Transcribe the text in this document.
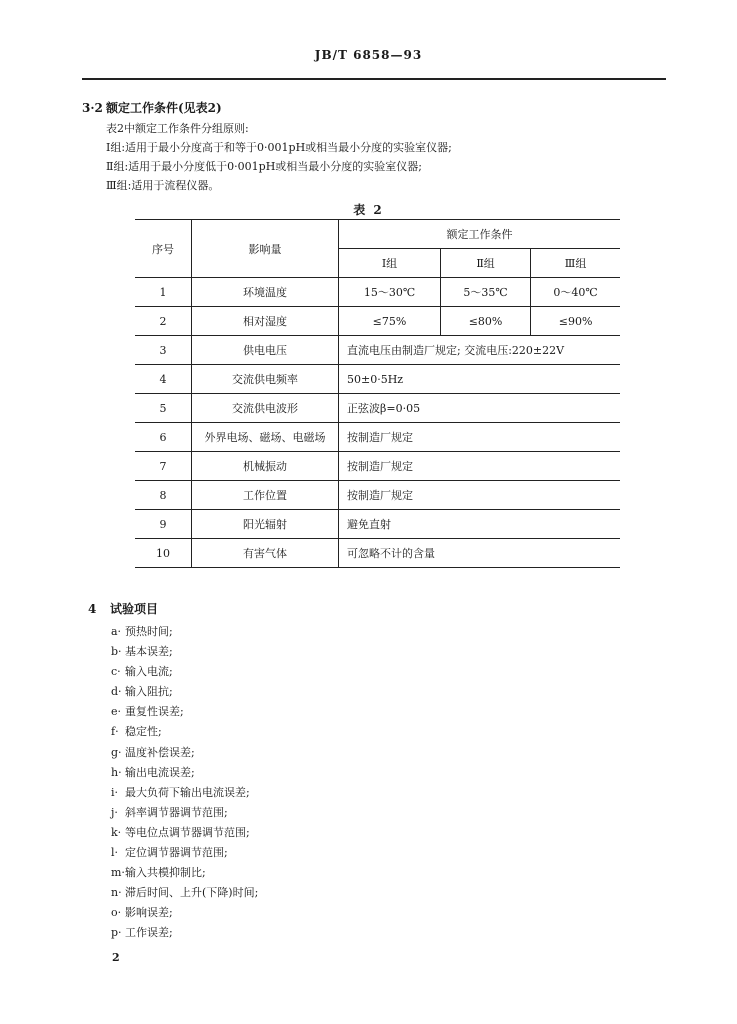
JB/T 6858—93
3·2 额定工作条件(见表2)
表2中额定工作条件分组原则:
Ⅰ组:适用于最小分度高于和等于0·001pH或相当最小分度的实验室仪器;
Ⅱ组:适用于最小分度低于0·001pH或相当最小分度的实验室仪器;
Ⅲ组:适用于流程仪器。
表 2
序号	影响量	额定工作条件		
		Ⅰ组	Ⅱ组	Ⅲ组
1	环境温度	15～30℃	5～35℃	0～40℃
2	相对湿度	≤75%	≤80%	≤90%
3	供电电压	直流电压由制造厂规定; 交流电压:220±22V		
4	交流供电频率	50±0·5Hz		
5	交流供电波形	正弦波β=0·05		
6	外界电场、磁场、电磁场	按制造厂规定		
7	机械振动	按制造厂规定		
8	工作位置	按制造厂规定		
9	阳光辐射	避免直射		
10	有害气体	可忽略不计的含量		
4 试验项目
a· 预热时间;
b· 基本误差;
c· 输入电流;
d· 输入阻抗;
e· 重复性误差;
f· 稳定性;
g· 温度补偿误差;
h· 输出电流误差;
i· 最大负荷下输出电流误差;
j· 斜率调节器调节范围;
k· 等电位点调节器调节范围;
l· 定位调节器调节范围;
m·输入共模抑制比;
n· 滞后时间、上升(下降)时间;
o· 影响误差;
p· 工作误差;
2
